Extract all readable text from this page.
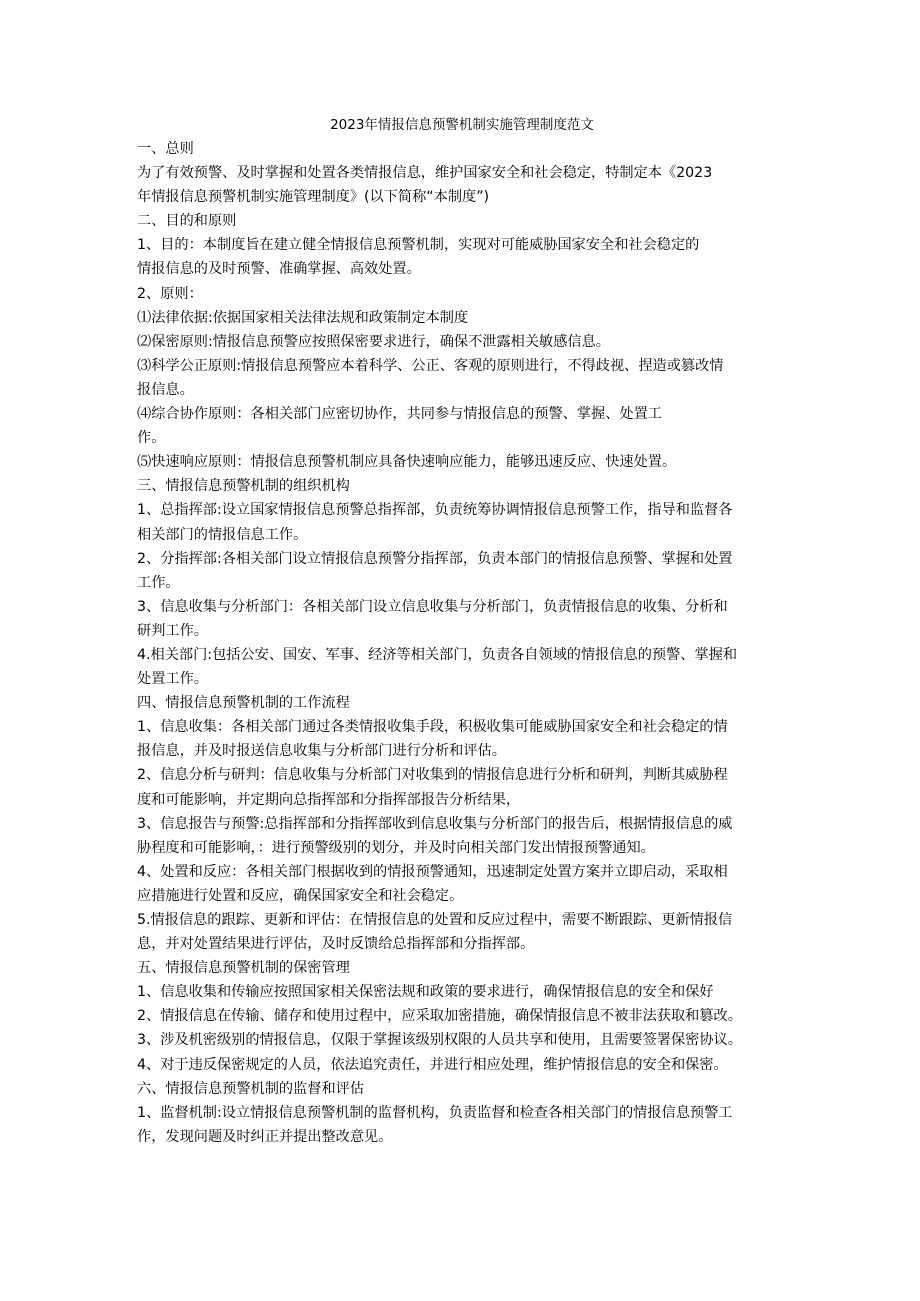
2023年情报信息预警机制实施管理制度范文

一、总则

为了有效预警、及时掌握和处置各类情报信息，维护国家安全和社会稳定，特制定本《2023

年情报信息预警机制实施管理制度》(以下简称“本制度”)

二、目的和原则

1、目的：本制度旨在建立健全情报信息预警机制，实现对可能威胁国家安全和社会稳定的

情报信息的及时预警、准确掌握、高效处置。

2、原则：

⑴法律依据:依据国家相关法律法规和政策制定本制度

⑵保密原则:情报信息预警应按照保密要求进行，确保不泄露相关敏感信息。

⑶科学公正原则:情报信息预警应本着科学、公正、客观的原则进行，不得歧视、捏造或篡改情

报信息。

⑷综合协作原则：各相关部门应密切协作，共同参与情报信息的预警、掌握、处置工

作。

⑸快速响应原则：情报信息预警机制应具备快速响应能力，能够迅速反应、快速处置。

三、情报信息预警机制的组织机构

1、总指挥部:设立国家情报信息预警总指挥部，负责统筹协调情报信息预警工作，指导和监督各

相关部门的情报信息工作。

2、分指挥部:各相关部门设立情报信息预警分指挥部，负责本部门的情报信息预警、掌握和处置

工作。

3、信息收集与分析部门：各相关部门设立信息收集与分析部门，负责情报信息的收集、分析和

研判工作。

4.相关部门:包括公安、国安、军事、经济等相关部门，负责各自领域的情报信息的预警、掌握和

处置工作。

四、情报信息预警机制的工作流程

1、信息收集：各相关部门通过各类情报收集手段，积极收集可能威胁国家安全和社会稳定的情

报信息，并及时报送信息收集与分析部门进行分析和评估。

2、信息分析与研判：信息收集与分析部门对收集到的情报信息进行分析和研判，判断其威胁程

度和可能影响，并定期向总指挥部和分指挥部报告分析结果，

3、信息报告与预警:总指挥部和分指挥部收到信息收集与分析部门的报告后，根据情报信息的威

胁程度和可能影响，：进行预警级别的划分，并及时向相关部门发出情报预警通知。

4、处置和反应：各相关部门根据收到的情报预警通知，迅速制定处置方案并立即启动，采取相

应措施进行处置和反应，确保国家安全和社会稳定。

5.情报信息的跟踪、更新和评估：在情报信息的处置和反应过程中，需要不断跟踪、更新情报信

息，并对处置结果进行评估，及时反馈给总指挥部和分指挥部。

五、情报信息预警机制的保密管理

1、信息收集和传输应按照国家相关保密法规和政策的要求进行，确保情报信息的安全和保好

2、情报信息在传输、储存和使用过程中，应采取加密措施，确保情报信息不被非法获取和篡改。

3、涉及机密级别的情报信息，仅限于掌握该级别权限的人员共享和使用，且需要签署保密协议。

4、对于违反保密规定的人员，依法追究责任，并进行相应处理，维护情报信息的安全和保密。

六、情报信息预警机制的监督和评估

1、监督机制:设立情报信息预警机制的监督机构，负责监督和检查各相关部门的情报信息预警工

作，发现问题及时纠正并提出整改意见。
